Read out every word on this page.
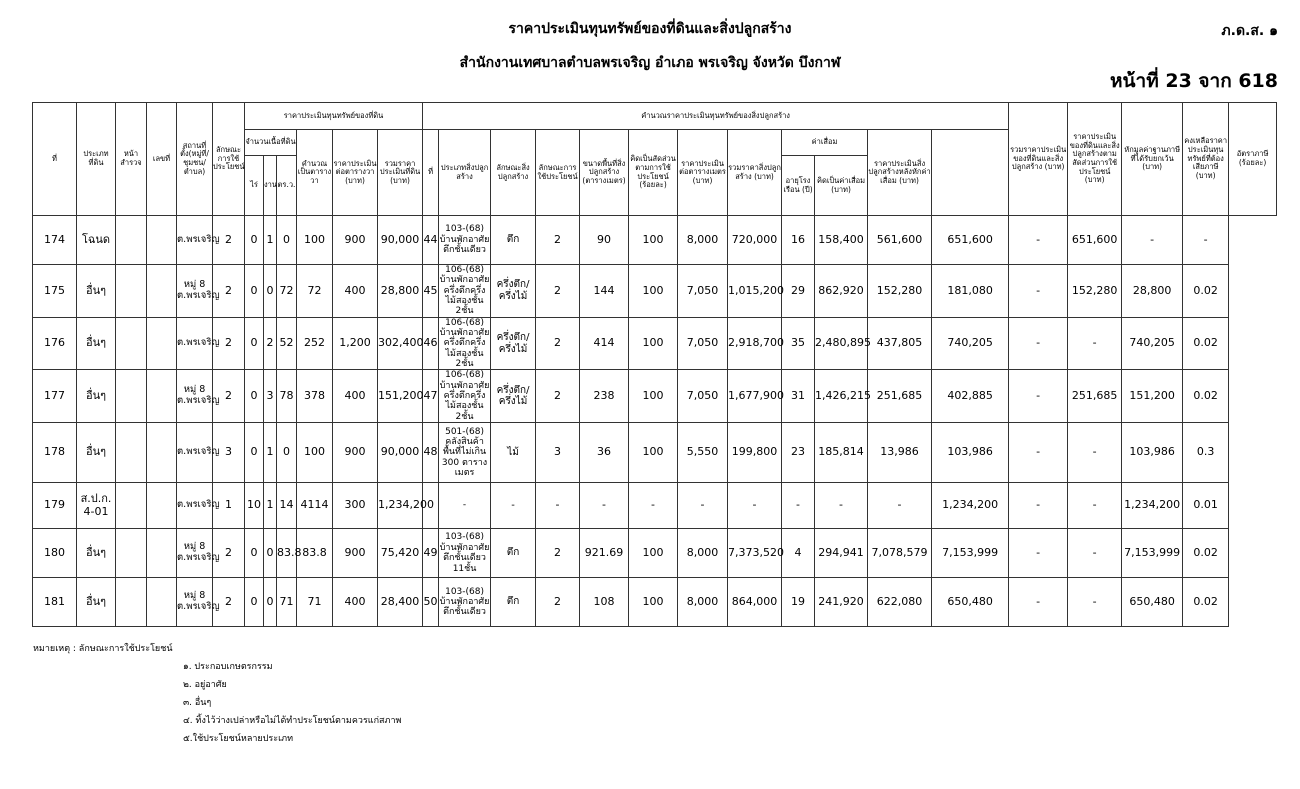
ราคาประเมินทุนทรัพย์ของที่ดินและสิ่งปลูกสร้าง
สำนักงานเทศบาลตำบลพรเจริญ อำเภอ พรเจริญ จังหวัด บึงกาฬ
ภ.ด.ส. ๑
หน้าที่ 23 จาก 618
ที่	ประเภทที่ดิน	หน้าสำรวจ	เลขที่	สถานที่ตั้ง(หมู่ที่/ชุมชน/ตำบล)	ลักษณะการใช้ประโยชน์	ราคาประเมินทุนทรัพย์ของที่ดิน						คำนวณราคาประเมินทุนทรัพย์ของสิ่งปลูกสร้าง												รวมราคาประเมินของที่ดินและสิ่งปลูกสร้าง (บาท)	ราคาประเมินของที่ดินและสิ่งปลูกสร้างตามสัดส่วนการใช้ประโยชน์ (บาท)	หักมูลค่าฐานภาษีที่ได้รับยกเว้น (บาท)	คงเหลือราคาประเมินทุนทรัพย์ที่ต้องเสียภาษี (บาท)	อัตราภาษี (ร้อยละ)
						จำนวนเนื้อที่ดิน			คำนวณเป็นตารางวา	ราคาประเมินต่อตารางวา (บาท)	รวมราคาประเมินที่ดิน (บาท)	ที่	ประเภทสิ่งปลูกสร้าง	ลักษณะสิ่งปลูกสร้าง	ลักษณะการใช้ประโยชน์	ขนาดพื้นที่สิ่งปลูกสร้าง (ตารางเมตร)	คิดเป็นสัดส่วนตามการใช้ประโยชน์ (ร้อยละ)	ราคาประเมินต่อตารางเมตร (บาท)	รวมราคาสิ่งปลูกสร้าง (บาท)	ค่าเสื่อม		ราคาประเมินสิ่งปลูกสร้างหลังหักค่าเสื่อม (บาท)						
						ไร่	งาน	ตร.ว.												อายุโรงเรือน (ปี)	คิดเป็นค่าเสื่อม (บาท)							
174	โฉนด			ต.พรเจริญ	2	0	1	0	100	900	90,000	44	103-(68) บ้านพักอาศัยตึกชั้นเดียว	ตึก	2	90	100	8,000	720,000	16	158,400	561,600	651,600	-	651,600	-	-	
175	อื่นๆ			หมู่ 8 ต.พรเจริญ	2	0	0	72	72	400	28,800	45	106-(68) บ้านพักอาศัยครึ่งตึกครึ่งไม้สองชั้น 2ชั้น	ครึ่งตึก/ครึ่งไม้	2	144	100	7,050	1,015,200	29	862,920	152,280	181,080	-	152,280	28,800	0.02	
176	อื่นๆ			ต.พรเจริญ	2	0	2	52	252	1,200	302,400	46	106-(68) บ้านพักอาศัยครึ่งตึกครึ่งไม้สองชั้น 2ชั้น	ครึ่งตึก/ครึ่งไม้	2	414	100	7,050	2,918,700	35	2,480,895	437,805	740,205	-	-	740,205	0.02	
177	อื่นๆ			หมู่ 8 ต.พรเจริญ	2	0	3	78	378	400	151,200	47	106-(68) บ้านพักอาศัยครึ่งตึกครึ่งไม้สองชั้น 2ชั้น	ครึ่งตึก/ครึ่งไม้	2	238	100	7,050	1,677,900	31	1,426,215	251,685	402,885	-	251,685	151,200	0.02	
178	อื่นๆ			ต.พรเจริญ	3	0	1	0	100	900	90,000	48	501-(68) คลังสินค้า พื้นที่ไม่เกิน 300 ตารางเมตร	ไม้	3	36	100	5,550	199,800	23	185,814	13,986	103,986	-	-	103,986	0.3	
179	ส.ป.ก. 4-01			ต.พรเจริญ	1	10	1	14	4114	300	1,234,200		-	-	-	-	-	-	-	-	-	-	1,234,200	-	-	1,234,200	0.01	
180	อื่นๆ			หมู่ 8 ต.พรเจริญ	2	0	0	83.8	83.8	900	75,420	49	103-(68) บ้านพักอาศัยตึกชั้นเดียว 11ชั้น	ตึก	2	921.69	100	8,000	7,373,520	4	294,941	7,078,579	7,153,999	-	-	7,153,999	0.02	
181	อื่นๆ			หมู่ 8 ต.พรเจริญ	2	0	0	71	71	400	28,400	50	103-(68) บ้านพักอาศัยตึกชั้นเดียว	ตึก	2	108	100	8,000	864,000	19	241,920	622,080	650,480	-	-	650,480	0.02	
หมายเหตุ : ลักษณะการใช้ประโยชน์
๑. ประกอบเกษตรกรรม
๒. อยู่อาศัย
๓. อื่นๆ
๔. ทิ้งไว้ว่างเปล่าหรือไม่ได้ทำประโยชน์ตามควรแก่สภาพ
๕.ใช้ประโยชน์หลายประเภท
